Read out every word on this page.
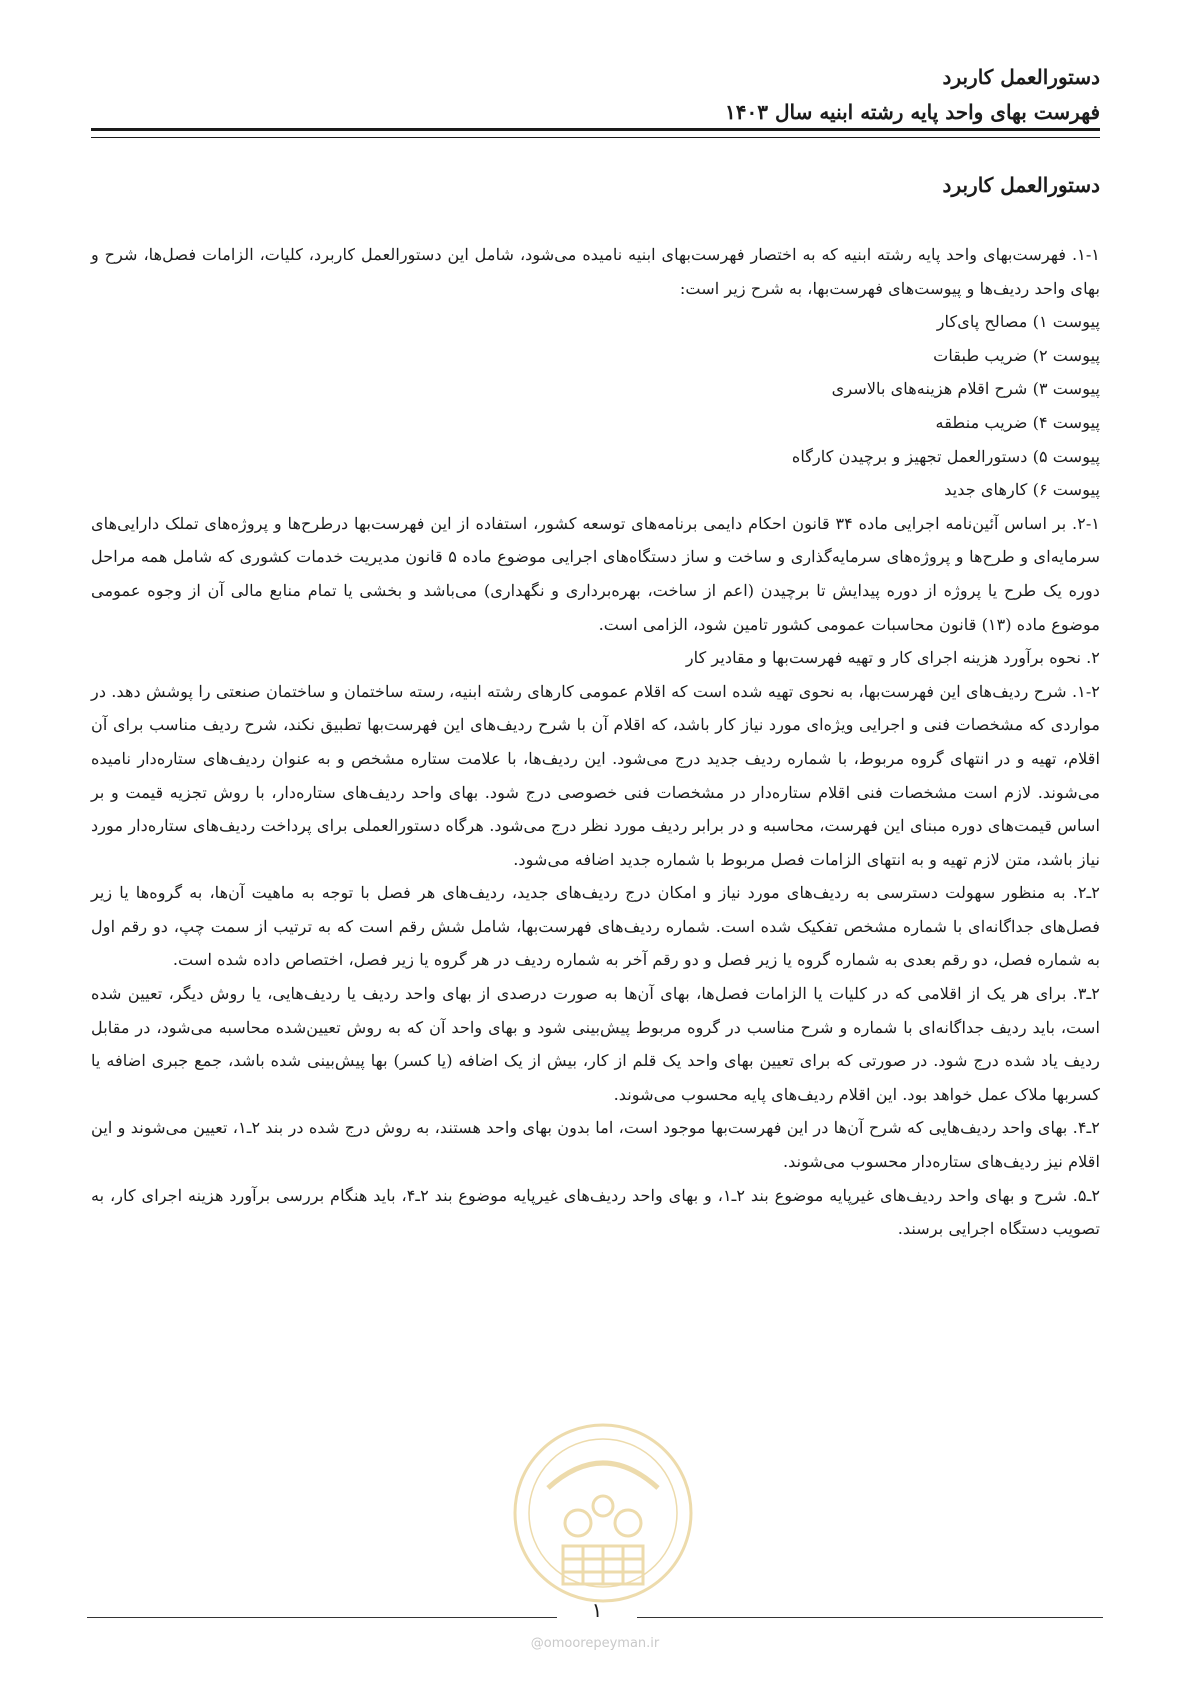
دستورالعمل کاربرد
فهرست بهای واحد پایه رشته ابنیه سال ۱۴۰۳
دستورالعمل کاربرد

۱-۱. فهرست‌بهای واحد پایه رشته ابنیه که به اختصار فهرست‌بهای ابنیه نامیده می‌شود، شامل این دستورالعمل کاربرد، کلیات، الزامات فصل‌ها، شرح و بهای واحد ردیف‌ها و پیوست‌های فهرست‌بها، به شرح زیر است:

پیوست ۱) مصالح پای‌کار

پیوست ۲) ضریب طبقات

پیوست ۳) شرح اقلام هزینه‌های بالاسری

پیوست ۴) ضریب منطقه

پیوست ۵) دستورالعمل تجهیز و برچیدن کارگاه

پیوست ۶) کارهای جدید

۲-۱. بر اساس آئین‌نامه اجرایی ماده ۳۴ قانون احکام دایمی برنامه‌های توسعه کشور، استفاده از این فهرست‌بها درطرح‌ها و پروژه‌های تملک دارایی‌های سرمایه‌ای و طرح‌ها و پروژه‌های سرمایه‌گذاری و ساخت و ساز دستگاه‌های اجرایی موضوع ماده ۵ قانون مدیریت خدمات کشوری که شامل همه مراحل دوره یک طرح یا پروژه از دوره پیدایش تا برچیدن (اعم از ساخت، بهره‌برداری و نگهداری) می‌باشد و بخشی یا تمام منابع مالی آن از وجوه عمومی موضوع ماده (۱۳) قانون محاسبات عمومی کشور تامین شود، الزامی است.

۲. نحوه برآورد هزینه اجرای کار و تهیه فهرست‌بها و مقادیر کار

۱-۲. شرح ردیف‌های این فهرست‌بها، به نحوی تهیه شده است که اقلام عمومی کارهای رشته ابنیه، رسته ساختمان و ساختمان صنعتی را پوشش دهد. در مواردی که مشخصات فنی و اجرایی ویژه‌ای مورد نیاز کار باشد، که اقلام آن با شرح ردیف‌های این فهرست‌بها تطبیق نکند، شرح ردیف مناسب برای آن اقلام، تهیه و در انتهای گروه مربوط، با شماره ردیف جدید درج می‌شود. این ردیف‌ها، با علامت ستاره مشخص و به عنوان ردیف‌های ستاره‌دار نامیده می‌شوند. لازم است مشخصات فنی اقلام ستاره‌دار در مشخصات فنی خصوصی درج شود. بهای واحد ردیف‌های ستاره‌دار، با روش تجزیه قیمت و بر اساس قیمت‌های دوره مبنای این فهرست، محاسبه و در برابر ردیف مورد نظر درج می‌شود. هرگاه دستورالعملی برای پرداخت ردیف‌های ستاره‌دار مورد نیاز باشد، متن لازم تهیه و به انتهای الزامات فصل مربوط با شماره جدید اضافه می‌شود.

۲ـ۲. به منظور سهولت دسترسی به ردیف‌های مورد نیاز و امکان درج ردیف‌های جدید، ردیف‌های هر فصل با توجه به ماهیت آن‌ها، به گروه‌ها یا زیر فصل‌های جداگانه‌ای با شماره مشخص تفکیک شده است. شماره ردیف‌های فهرست‌بها، شامل شش رقم است که به ترتیب از سمت چپ، دو رقم اول به شماره فصل، دو رقم بعدی به شماره گروه یا زیر فصل و دو رقم آخر به شماره ردیف در هر گروه یا زیر فصل، اختصاص داده شده است.

۲ـ۳. برای هر یک از اقلامی که در کلیات یا الزامات فصل‌ها، بهای آن‌ها به صورت درصدی از بهای واحد ردیف یا ردیف‌هایی، یا روش دیگر، تعیین شده است، باید ردیف جداگانه‌ای با شماره و شرح مناسب در گروه مربوط پیش‌بینی شود و بهای واحد آن که به روش تعیین‌شده محاسبه می‌شود، در مقابل ردیف یاد شده درج شود. در صورتی که برای تعیین بهای واحد یک قلم از کار، بیش از یک اضافه (یا کسر) بها پیش‌بینی شده باشد، جمع جبری اضافه یا کسربها ملاک عمل خواهد بود. این اقلام ردیف‌های پایه محسوب می‌شوند.

۲ـ۴. بهای واحد ردیف‌هایی که شرح آن‌ها در این فهرست‌بها موجود است، اما بدون بهای واحد هستند، به روش درج شده در بند ۲ـ۱، تعیین می‌شوند و این اقلام نیز ردیف‌های ستاره‌دار محسوب می‌شوند.

۲ـ۵. شرح و بهای واحد ردیف‌های غیرپایه موضوع بند ۲ـ۱، و بهای واحد ردیف‌های غیرپایه موضوع بند ۲ـ۴، باید هنگام بررسی برآورد هزینه اجرای کار، به تصویب دستگاه اجرایی برسند.

۱
@omoorepeyman.ir
